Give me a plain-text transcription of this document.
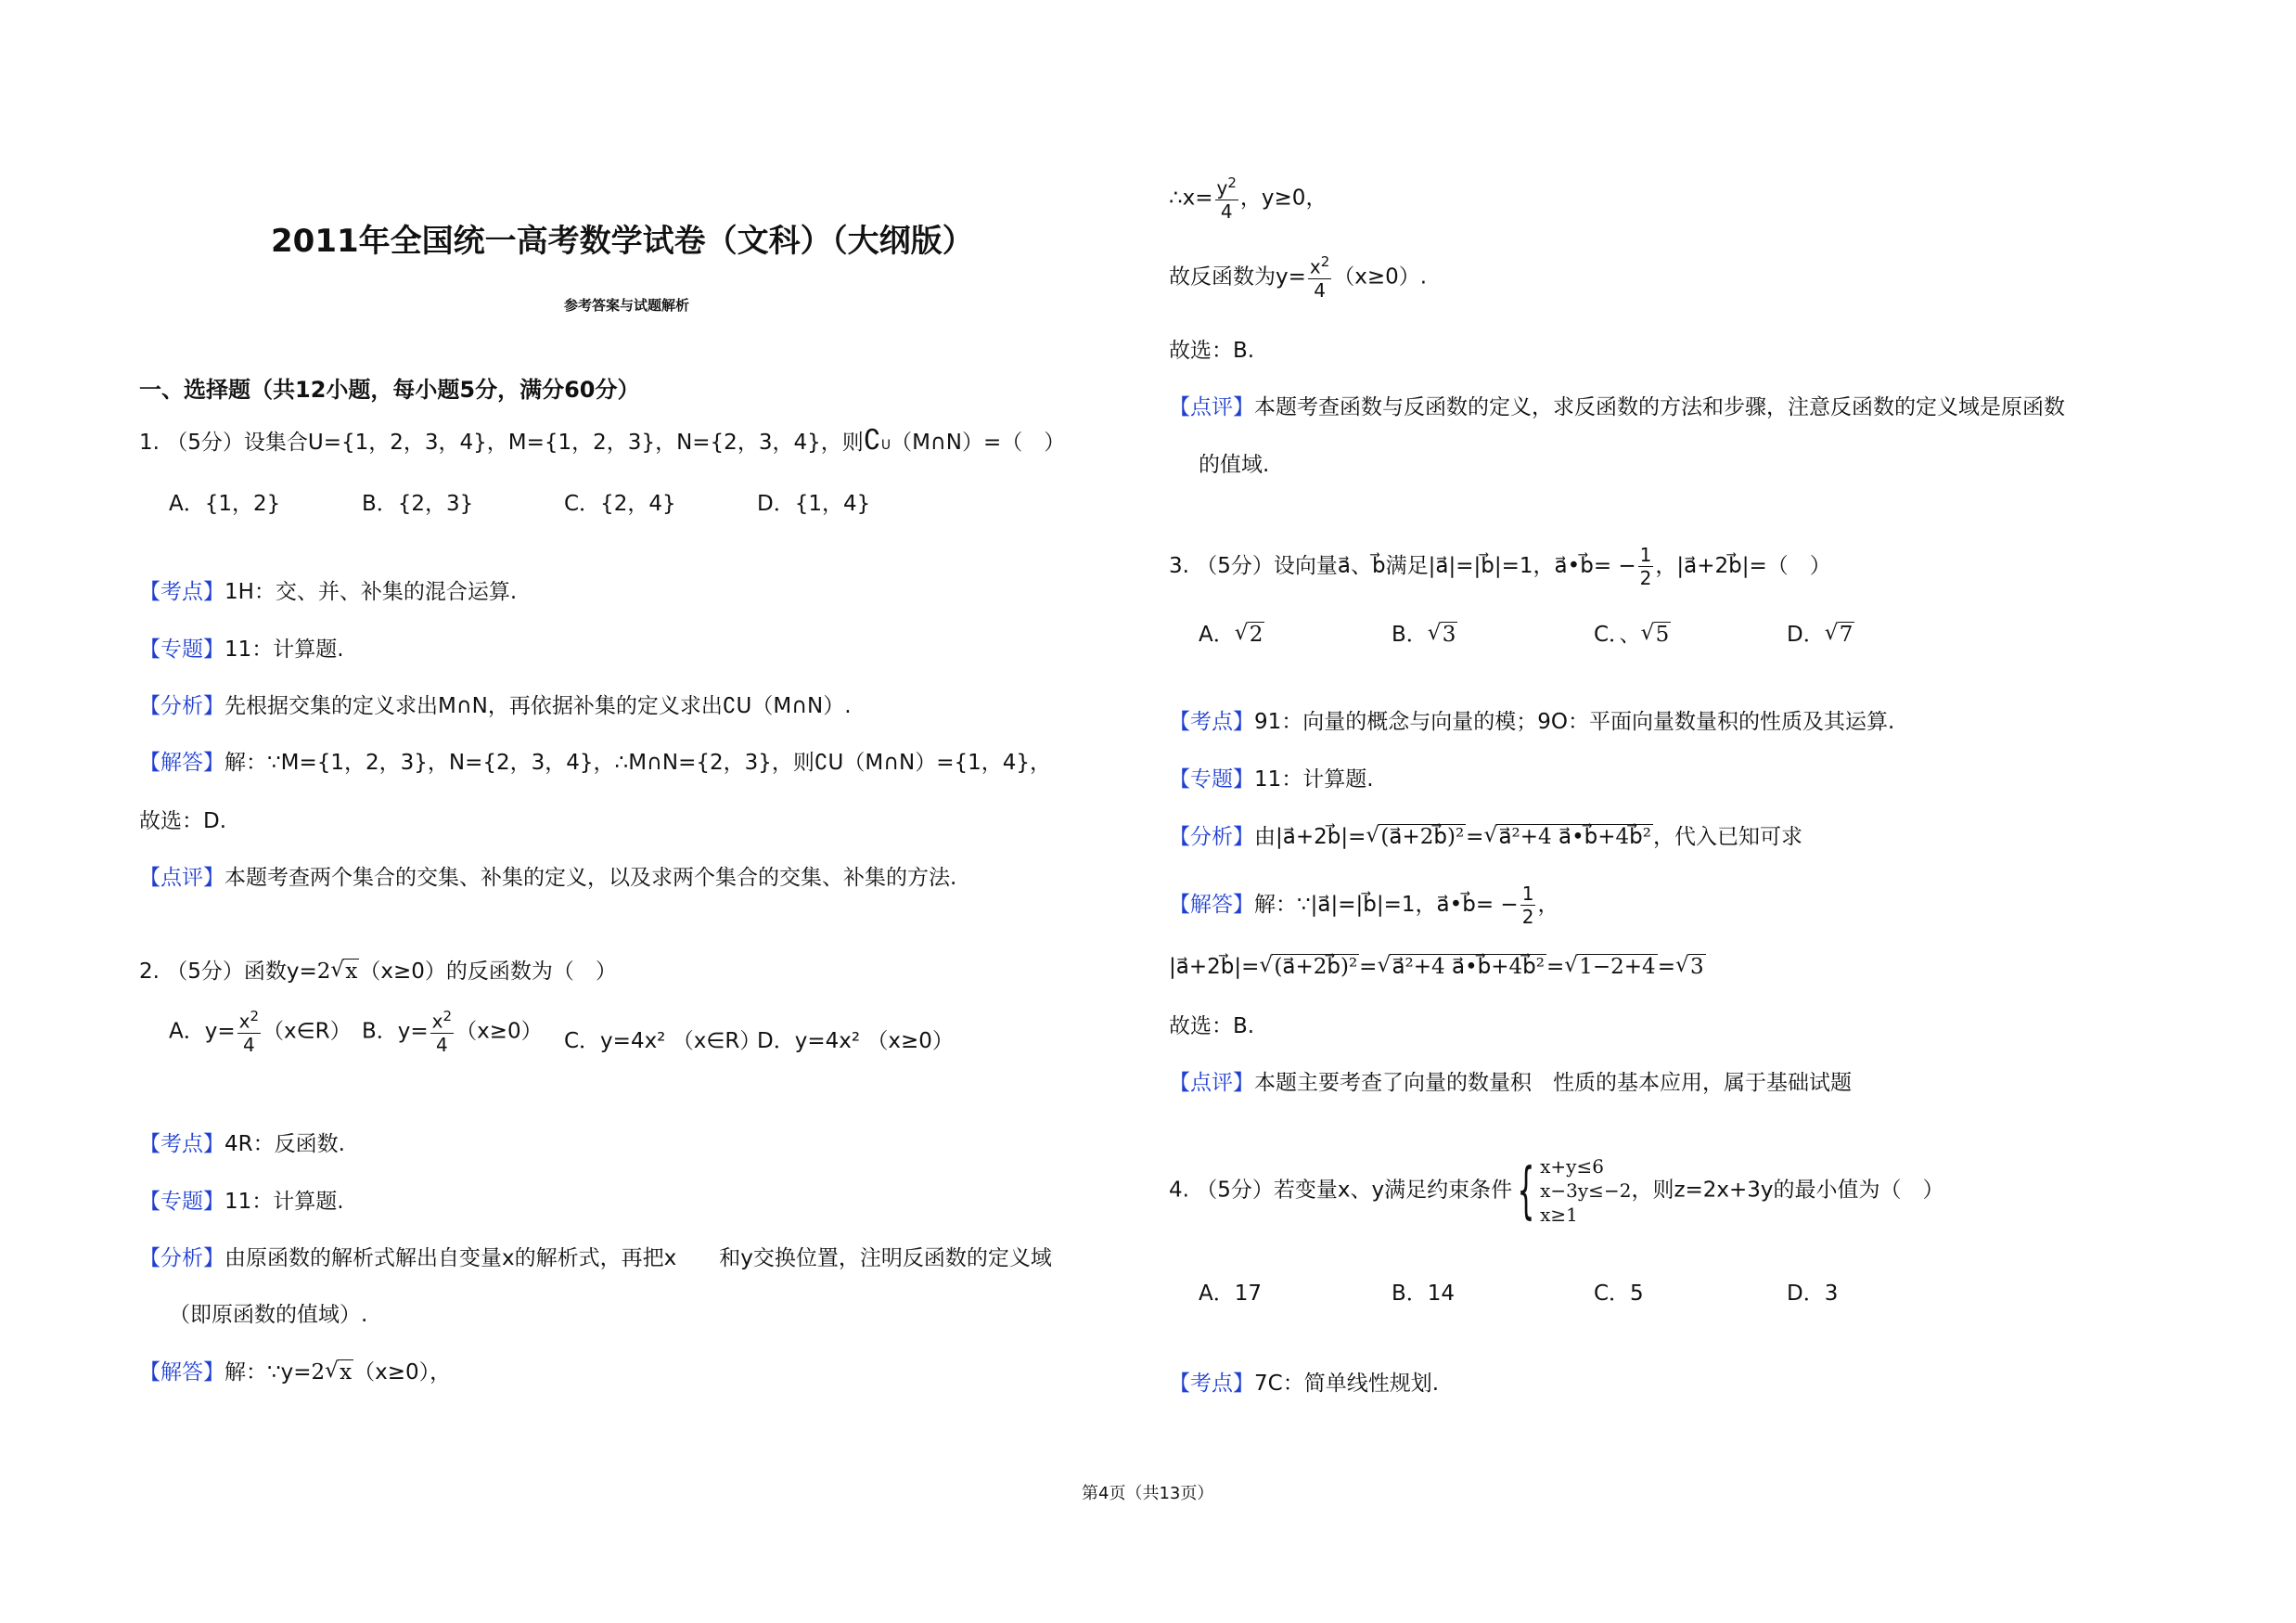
2011年全国统一高考数学试卷（文科）（大纲版）
参考答案与试题解析
一、选择题（共12小题，每小题5分，满分60分）
1. （5分）设集合U={1，2，3，4}，M={1，2，3}，N={2，3，4}，则∁U（M∩N）=（　）
A．{1，2}	B．{2，3}	C．{2，4}	D．{1，4}
【考点】1H：交、并、补集的混合运算.
【专题】11：计算题.
【分析】先根据交集的定义求出M∩N，再依据补集的定义求出∁U（M∩N）.
【解答】解：∵M={1，2，3}，N={2，3，4}，∴M∩N={2，3}，则∁U（M∩N）={1，4}，
故选：D.
【点评】本题考查两个集合的交集、补集的定义，以及求两个集合的交集、补集的方法.
2. （5分）函数y=2 √ x（x≥0）的反函数为（　）
A．$y= \frac{x^2}{4}$ （x∈R） B．$y= \frac{x^2}{4} (x\ge 0)$ C．y=4x² （x∈R）
D．y=4x² （x≥0）
【考点】4R：反函数.
【专题】11：计算题.
【分析】由原函数的解析式解出自变量x的解析式，再把x　　和y交换位置，注明反函数的定义域
（即原函数的值域）.
【解答】解：∵y=2 √ x（x≥0），
∴x= $\frac{y^2}{4}$ ，y≥0，
故反函数为$y= \frac{x^2}{4} (x\ge 0)$.
故选：B.
【点评】本题考查函数与反函数的定义，求反函数的方法和步骤，注意反函数的定义域是原函数
的值域.
3. （5分）设向量a⃗、b⃗满足|a⃗|=|b⃗|=1，a⃗•b⃗= − $\frac{1}{2}$ ，|a⃗+2b⃗|=（　）
A． √ 2	B． √ 3	C．、 √ 5	D． √ 7
【考点】91：向量的概念与向量的模；9O：平面向量数量积的性质及其运算.
【专题】11：计算题.
【分析】由|a⃗+2b⃗|= √ (a⃗+2b⃗)²= √ a⃗²+4 a⃗•b⃗+4b⃗²，代入已知可求
【解答】解：∵|a⃗|=|b⃗|=1，a⃗•b⃗= − $\frac{1}{2}$ ，
|a⃗+2b⃗|= √ (a⃗+2b⃗)²= √ a⃗²+4 a⃗•b⃗+4b⃗²= √ 1−2+4= √ 3
故选：B.
【点评】本题主要考查了向量的数量积　性质的基本应用，属于基础试题
4. （5分）若变量x、y满足约束条件{ x+y≤6
x−3y≤−2
x≥1
，则z=2x+3y的最小值为（　）
A．17	B．14	C．5	D．3
【考点】7C：简单线性规划.
第4页（共13页）
